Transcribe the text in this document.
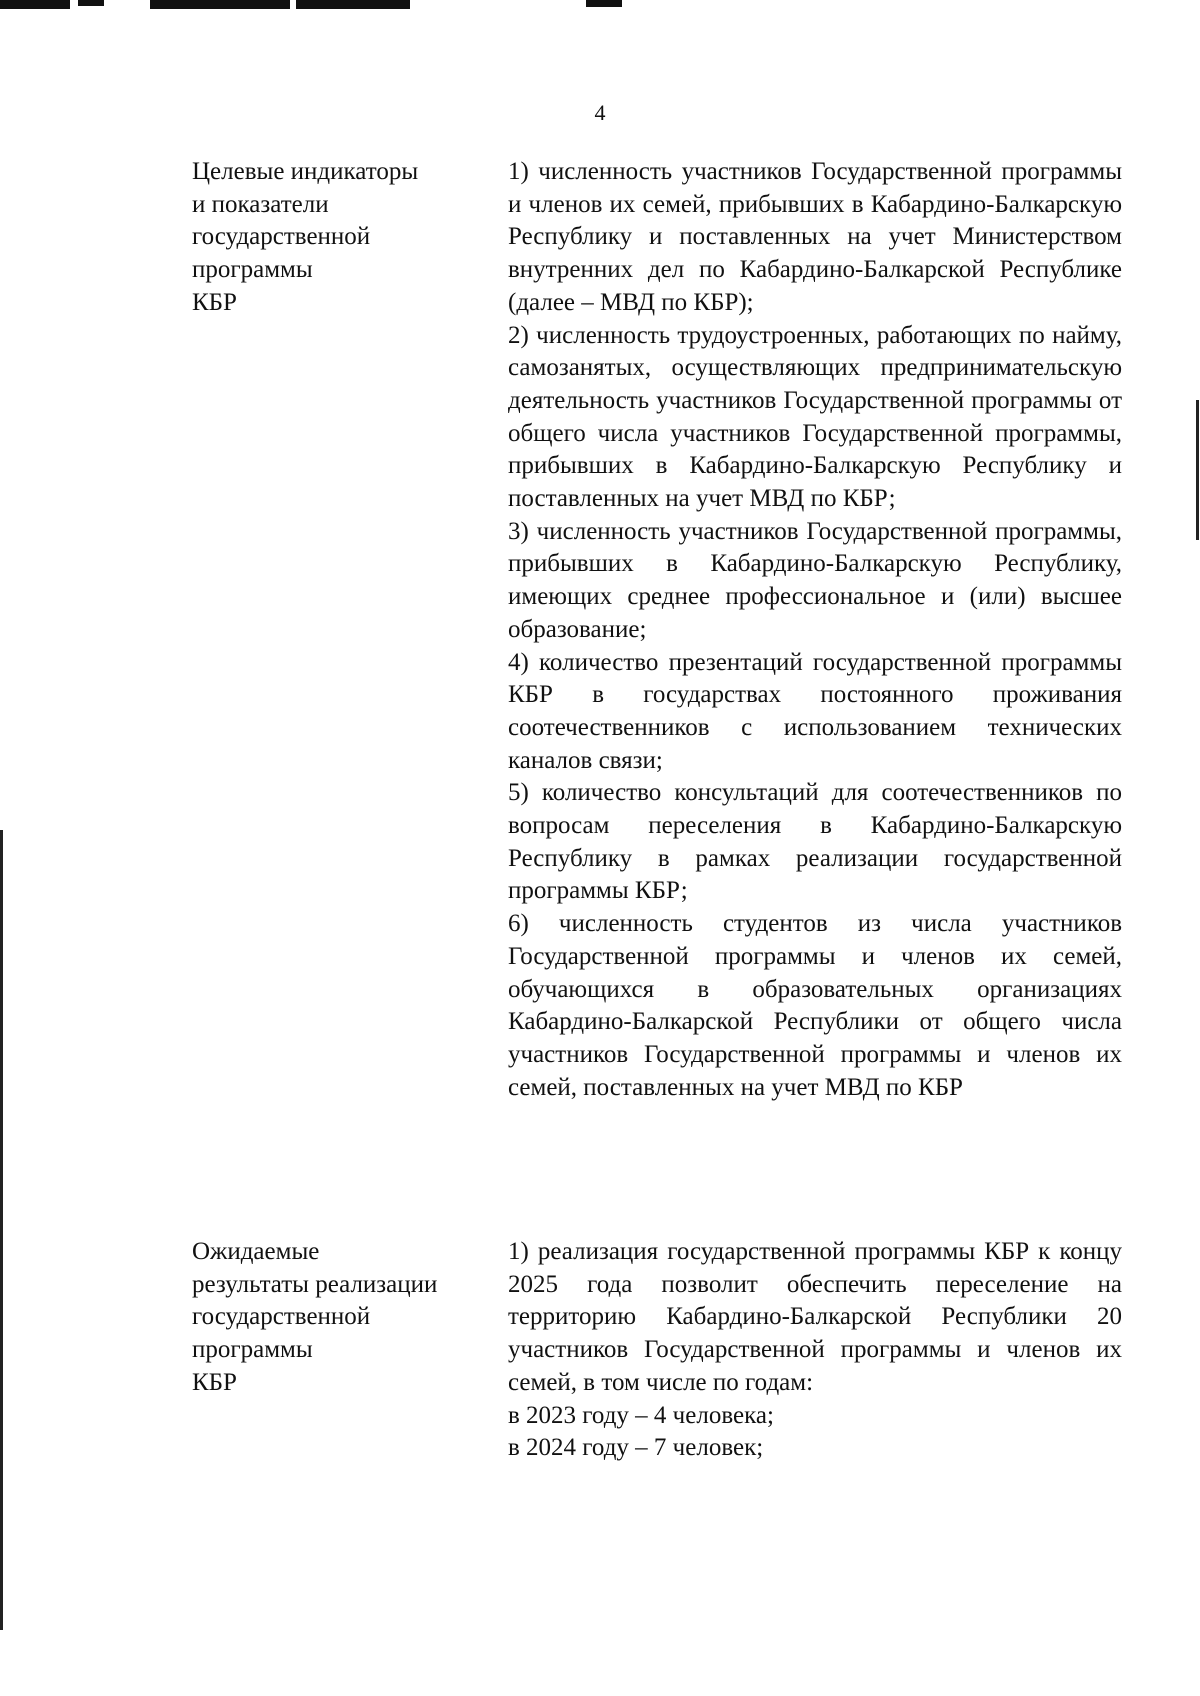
4
Целевые индикаторы
и показатели
государственной
программы
КБР
1) численность участников Государственной программы и членов их семей, прибывших в Кабардино-Балкарскую Республику и поставленных на учет Министерством внутренних дел по Кабардино-Балкарской Республике (далее – МВД по КБР);
2) численность трудоустроенных, работающих по найму, самозанятых, осуществляющих предпринимательскую деятельность участников Государственной программы от общего числа участников Государственной программы, прибывших в Кабардино-Балкарскую Республику и поставленных на учет МВД по КБР;
3) численность участников Государственной программы, прибывших в Кабардино-Балкарскую Республику, имеющих среднее профессиональное и (или) высшее образование;
4) количество презентаций государственной программы КБР в государствах постоянного проживания соотечественников с использованием технических каналов связи;
5) количество консультаций для соотечественников по вопросам переселения в Кабардино-Балкарскую Республику в рамках реализации государственной программы КБР;
6) численность студентов из числа участников Государственной программы и членов их семей, обучающихся в образовательных организациях Кабардино-Балкарской Республики от общего числа участников Государственной программы и членов их семей, поставленных на учет МВД по КБР
Ожидаемые
результаты реализации
государственной
программы
КБР
1) реализация государственной программы КБР к концу 2025 года позволит обеспечить переселение на территорию Кабардино-Балкарской Республики 20 участников Государственной программы и членов их семей, в том числе по годам:
в 2023 году – 4 человека;
в 2024 году – 7 человек;
